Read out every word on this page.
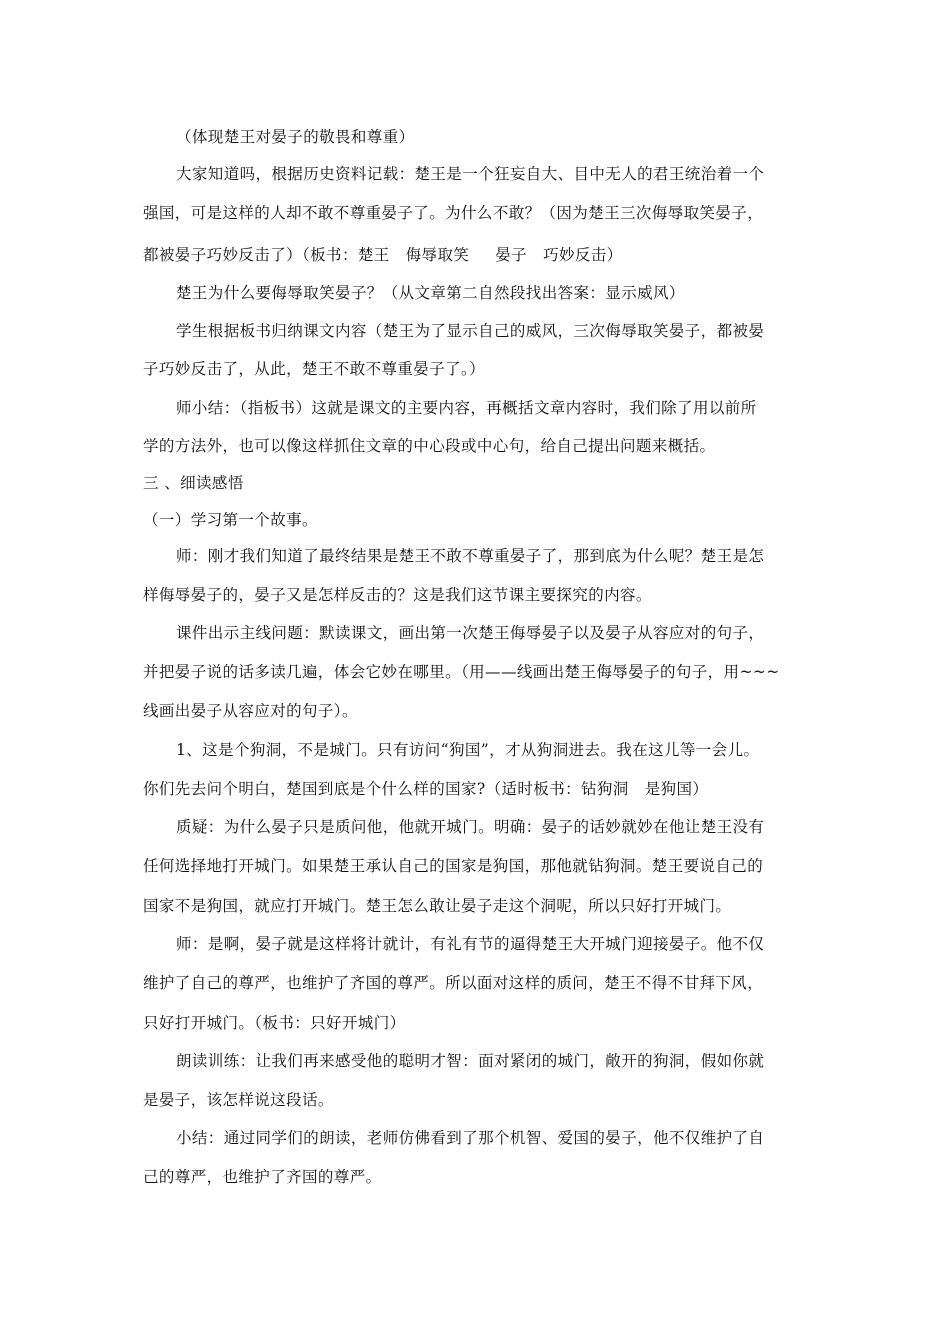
（体现楚王对晏子的敬畏和尊重）
大家知道吗，根据历史资料记载：楚王是一个狂妄自大、目中无人的君王统治着一个
强国，可是这样的人却不敢不尊重晏子了。为什么不敢？（因为楚王三次侮辱取笑晏子，
都被晏子巧妙反击了）（板书：楚王 侮辱取笑 晏子 巧妙反击）
楚王为什么要侮辱取笑晏子？（从文章第二自然段找出答案：显示威风）
学生根据板书归纳课文内容（楚王为了显示自己的威风，三次侮辱取笑晏子，都被晏
子巧妙反击了，从此，楚王不敢不尊重晏子了。）
师小结：（指板书）这就是课文的主要内容，再概括文章内容时，我们除了用以前所
学的方法外，也可以像这样抓住文章的中心段或中心句，给自己提出问题来概括。
三 、细读感悟
（一）学习第一个故事。
师：刚才我们知道了最终结果是楚王不敢不尊重晏子了，那到底为什么呢？楚王是怎
样侮辱晏子的，晏子又是怎样反击的？这是我们这节课主要探究的内容。
课件出示主线问题：默读课文，画出第一次楚王侮辱晏子以及晏子从容应对的句子，
并把晏子说的话多读几遍，体会它妙在哪里。（用——线画出楚王侮辱晏子的句子，用~~~
线画出晏子从容应对的句子）。
1、这是个狗洞，不是城门。只有访问“狗国”，才从狗洞进去。我在这儿等一会儿。
你们先去问个明白，楚国到底是个什么样的国家?（适时板书：钻狗洞 是狗国）
质疑：为什么晏子只是质问他，他就开城门。明确：晏子的话妙就妙在他让楚王没有
任何选择地打开城门。如果楚王承认自己的国家是狗国，那他就钻狗洞。楚王要说自己的
国家不是狗国，就应打开城门。楚王怎么敢让晏子走这个洞呢，所以只好打开城门。
师：是啊，晏子就是这样将计就计，有礼有节的逼得楚王大开城门迎接晏子。他不仅
维护了自己的尊严，也维护了齐国的尊严。所以面对这样的质问，楚王不得不甘拜下风，
只好打开城门。（板书：只好开城门）
朗读训练：让我们再来感受他的聪明才智：面对紧闭的城门，敞开的狗洞，假如你就
是晏子，该怎样说这段话。
小结：通过同学们的朗读，老师仿佛看到了那个机智、爱国的晏子，他不仅维护了自
己的尊严，也维护了齐国的尊严。
